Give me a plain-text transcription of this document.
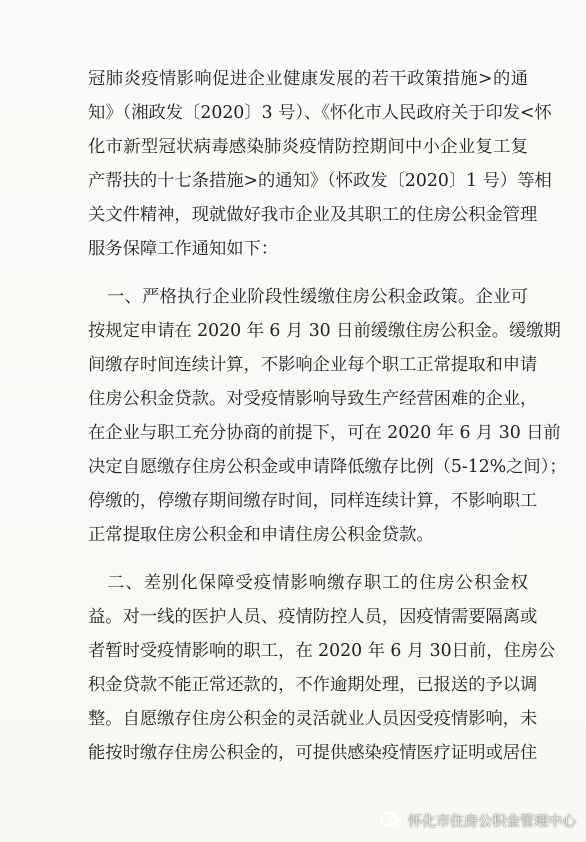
冠肺炎疫情影响促进企业健康发展的若干政策措施>的通
知》（湘政发〔2020〕3 号）、《怀化市人民政府关于印发<怀
化市新型冠状病毒感染肺炎疫情防控期间中小企业复工复
产帮扶的十七条措施>的通知》（怀政发〔2020〕1 号）等相
关文件精神，现就做好我市企业及其职工的住房公积金管理
服务保障工作通知如下：
一、严格执行企业阶段性缓缴住房公积金政策。企业可
按规定申请在 2020 年 6 月 30 日前缓缴住房公积金。缓缴期
间缴存时间连续计算，不影响企业每个职工正常提取和申请
住房公积金贷款。对受疫情影响导致生产经营困难的企业，
在企业与职工充分协商的前提下，可在 2020 年 6 月 30 日前
决定自愿缴存住房公积金或申请降低缴存比例（5-12%之间）；
停缴的，停缴存期间缴存时间，同样连续计算，不影响职工
正常提取住房公积金和申请住房公积金贷款。
二、差别化保障受疫情影响缴存职工的住房公积金权
益。对一线的医护人员、疫情防控人员，因疫情需要隔离或
者暂时受疫情影响的职工，在 2020 年 6 月 30日前，住房公
积金贷款不能正常还款的，不作逾期处理，已报送的予以调
整。自愿缴存住房公积金的灵活就业人员因受疫情影响，未
能按时缴存住房公积金的，可提供感染疫情医疗证明或居住
怀化市住房公积金管理中心
